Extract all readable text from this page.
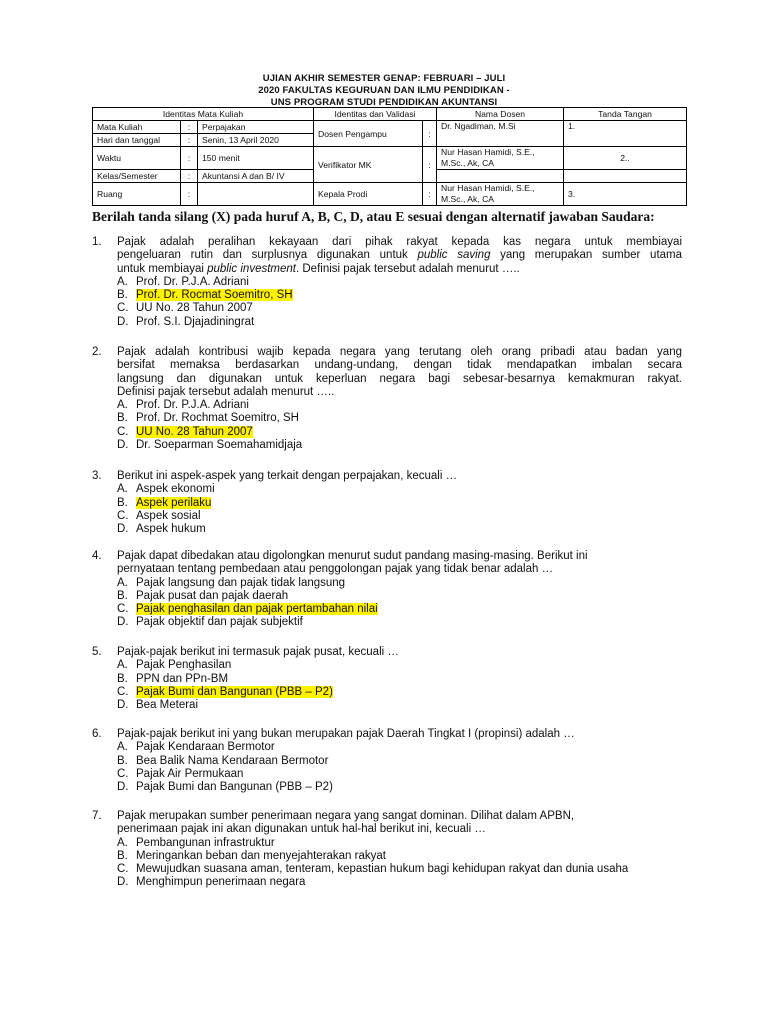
UJIAN AKHIR SEMESTER GENAP: FEBRUARI – JULI
2020 FAKULTAS KEGURUAN DAN ILMU PENDIDIKAN -
UNS PROGRAM STUDI PENDIDIKAN AKUNTANSI
Identitas Mata Kuliah			Identitas dan Validasi		Nama Dosen	Tanda Tangan
Mata Kuliah	:	Perpajakan	Dosen Pengampu	:	Dr. Ngadiman, M.Si	1.
Hari dan tanggal	:	Senin, 13 April 2020				
Waktu	:	150 menit	Verifikator MK	:	Nur Hasan Hamidi, S.E., M.Sc., Ak, CA	2..
Kelas/Semester	:	Akuntansi A dan B/ IV				
Ruang	:		Kepala Prodi	:	Nur Hasan Hamidi, S.E., M.Sc., Ak, CA	3.
Berilah tanda silang (X) pada huruf A, B, C, D, atau E sesuai dengan alternatif jawaban Saudara:
1.	Pajak adalah peralihan kekayaan dari pihak rakyat kepada kas negara untuk membiayai
pengeluaran rutin dan surplusnya digunakan untuk public saving yang merupakan sumber utama
untuk membiayai public investment. Definisi pajak tersebut adalah menurut …..
A. Prof. Dr. P.J.A. Adriani
B. Prof. Dr. Rocmat Soemitro, SH
C. UU No. 28 Tahun 2007
D. Prof. S.I. Djajadiningrat
2.	Pajak adalah kontribusi wajib kepada negara yang terutang oleh orang pribadi atau badan yang
bersifat memaksa berdasarkan undang-undang, dengan tidak mendapatkan imbalan secara
langsung dan digunakan untuk keperluan negara bagi sebesar-besarnya kemakmuran rakyat.
Definisi pajak tersebut adalah menurut …..
A. Prof. Dr. P.J.A. Adriani
B. Prof. Dr. Rochmat Soemitro, SH
C. UU No. 28 Tahun 2007
D. Dr. Soeparman Soemahamidjaja
3.	Berikut ini aspek-aspek yang terkait dengan perpajakan, kecuali …
A. Aspek ekonomi
B. Aspek perilaku
C. Aspek sosial
D. Aspek hukum
4.	Pajak dapat dibedakan atau digolongkan menurut sudut pandang masing-masing. Berikut ini
pernyataan tentang pembedaan atau penggolongan pajak yang tidak benar adalah …
A. Pajak langsung dan pajak tidak langsung
B. Pajak pusat dan pajak daerah
C. Pajak penghasilan dan pajak pertambahan nilai
D. Pajak objektif dan pajak subjektif
5.	Pajak-pajak berikut ini termasuk pajak pusat, kecuali …
A. Pajak Penghasilan
B. PPN dan PPn-BM
C. Pajak Bumi dan Bangunan (PBB – P2)
D. Bea Meterai
6.	Pajak-pajak berikut ini yang bukan merupakan pajak Daerah Tingkat I (propinsi) adalah …
A. Pajak Kendaraan Bermotor
B. Bea Balik Nama Kendaraan Bermotor
C. Pajak Air Permukaan
D. Pajak Bumi dan Bangunan (PBB – P2)
7.	Pajak merupakan sumber penerimaan negara yang sangat dominan. Dilihat dalam APBN,
penerimaan pajak ini akan digunakan untuk hal-hal berikut ini, kecuali …
A. Pembangunan infrastruktur
B. Meringankan beban dan menyejahterakan rakyat
C. Mewujudkan suasana aman, tenteram, kepastian hukum bagi kehidupan rakyat dan dunia usaha
D. Menghimpun penerimaan negara
